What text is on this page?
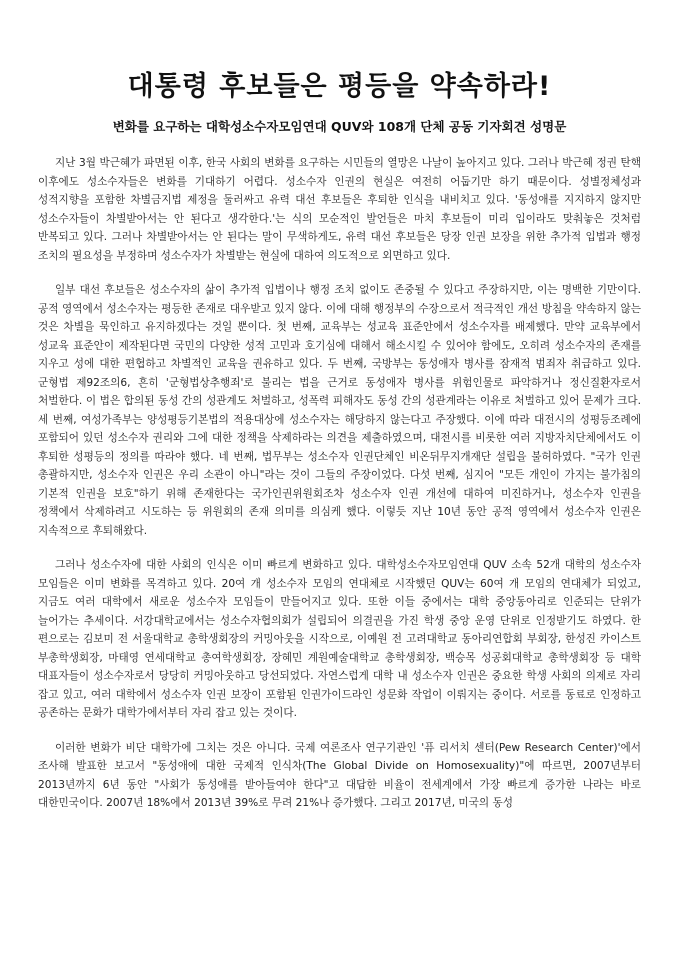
대통령 후보들은 평등을 약속하라!
변화를 요구하는 대학성소수자모임연대 QUV와 108개 단체 공동 기자회견 성명문

지난 3월 박근혜가 파면된 이후, 한국 사회의 변화를 요구하는 시민들의 열망은 나날이 높아지고 있다. 그러나 박근혜 정권 탄핵 이후에도 성소수자들은 변화를 기대하기 어렵다. 성소수자 인권의 현실은 여전히 어둡기만 하기 때문이다. 성별정체성과 성적지향을 포함한 차별금지법 제정을 둘러싸고 유력 대선 후보들은 후퇴한 인식을 내비치고 있다. '동성애를 지지하지 않지만 성소수자들이 차별받아서는 안 된다고 생각한다.'는 식의 모순적인 발언들은 마치 후보들이 미리 입이라도 맞춰놓은 것처럼 반복되고 있다. 그러나 차별받아서는 안 된다는 말이 무색하게도, 유력 대선 후보들은 당장 인권 보장을 위한 추가적 입법과 행정 조치의 필요성을 부정하며 성소수자가 차별받는 현실에 대하여 의도적으로 외면하고 있다.

일부 대선 후보들은 성소수자의 삶이 추가적 입법이나 행정 조치 없이도 존중될 수 있다고 주장하지만, 이는 명백한 기만이다. 공적 영역에서 성소수자는 평등한 존재로 대우받고 있지 않다. 이에 대해 행정부의 수장으로서 적극적인 개선 방침을 약속하지 않는 것은 차별을 묵인하고 유지하겠다는 것일 뿐이다. 첫 번째, 교육부는 성교육 표준안에서 성소수자를 배제했다. 만약 교육부에서 성교육 표준안이 제작된다면 국민의 다양한 성적 고민과 호기심에 대해서 해소시킬 수 있어야 함에도, 오히려 성소수자의 존재를 지우고 성에 대한 편협하고 차별적인 교육을 권유하고 있다. 두 번째, 국방부는 동성애자 병사를 잠재적 범죄자 취급하고 있다. 군형법 제92조의6, 흔히 '군형법상추행죄'로 불리는 법을 근거로 동성애자 병사를 위험인물로 파악하거나 정신질환자로서 처벌한다. 이 법은 합의된 동성 간의 성관계도 처벌하고, 성폭력 피해자도 동성 간의 성관계라는 이유로 처벌하고 있어 문제가 크다. 세 번째, 여성가족부는 양성평등기본법의 적용대상에 성소수자는 해당하지 않는다고 주장했다. 이에 따라 대전시의 성평등조례에 포함되어 있던 성소수자 권리와 그에 대한 정책을 삭제하라는 의견을 제출하였으며, 대전시를 비롯한 여러 지방자치단체에서도 이 후퇴한 성평등의 정의를 따라야 했다. 네 번째, 법무부는 성소수자 인권단체인 비온뒤무지개재단 설립을 불허하였다. "국가 인권 총괄하지만, 성소수자 인권은 우리 소관이 아니"라는 것이 그들의 주장이었다. 다섯 번째, 심지어 "모든 개인이 가지는 불가침의 기본적 인권을 보호"하기 위해 존재한다는 국가인권위원회조차 성소수자 인권 개선에 대하여 미진하거나, 성소수자 인권을 정책에서 삭제하려고 시도하는 등 위원회의 존재 의미를 의심케 했다. 이렇듯 지난 10년 동안 공적 영역에서 성소수자 인권은 지속적으로 후퇴해왔다.

그러나 성소수자에 대한 사회의 인식은 이미 빠르게 변화하고 있다. 대학성소수자모임연대 QUV 소속 52개 대학의 성소수자 모임들은 이미 변화를 목격하고 있다. 20여 개 성소수자 모임의 연대체로 시작했던 QUV는 60여 개 모임의 연대체가 되었고, 지금도 여러 대학에서 새로운 성소수자 모임들이 만들어지고 있다. 또한 이들 중에서는 대학 중앙동아리로 인준되는 단위가 늘어가는 추세이다. 서강대학교에서는 성소수자협의회가 설립되어 의결권을 가진 학생 중앙 운영 단위로 인정받기도 하였다. 한 편으로는 김보미 전 서울대학교 총학생회장의 커밍아웃을 시작으로, 이예원 전 고려대학교 동아리연합회 부회장, 한성진 카이스트 부총학생회장, 마태영 연세대학교 총여학생회장, 장혜민 계원예술대학교 총학생회장, 백승목 성공회대학교 총학생회장 등 대학 대표자들이 성소수자로서 당당히 커밍아웃하고 당선되었다. 자연스럽게 대학 내 성소수자 인권은 중요한 학생 사회의 의제로 자리 잡고 있고, 여러 대학에서 성소수자 인권 보장이 포함된 인권가이드라인 성문화 작업이 이뤄지는 중이다. 서로를 동료로 인정하고 공존하는 문화가 대학가에서부터 자리 잡고 있는 것이다.

이러한 변화가 비단 대학가에 그치는 것은 아니다. 국제 여론조사 연구기관인 '퓨 리서치 센터(Pew Research Center)'에서 조사해 발표한 보고서 "동성애에 대한 국제적 인식차(The Global Divide on Homosexuality)"에 따르면, 2007년부터 2013년까지 6년 동안 "사회가 동성애를 받아들여야 한다"고 대답한 비율이 전세계에서 가장 빠르게 증가한 나라는 바로 대한민국이다. 2007년 18%에서 2013년 39%로 무려 21%나 증가했다. 그리고 2017년, 미국의 동성
